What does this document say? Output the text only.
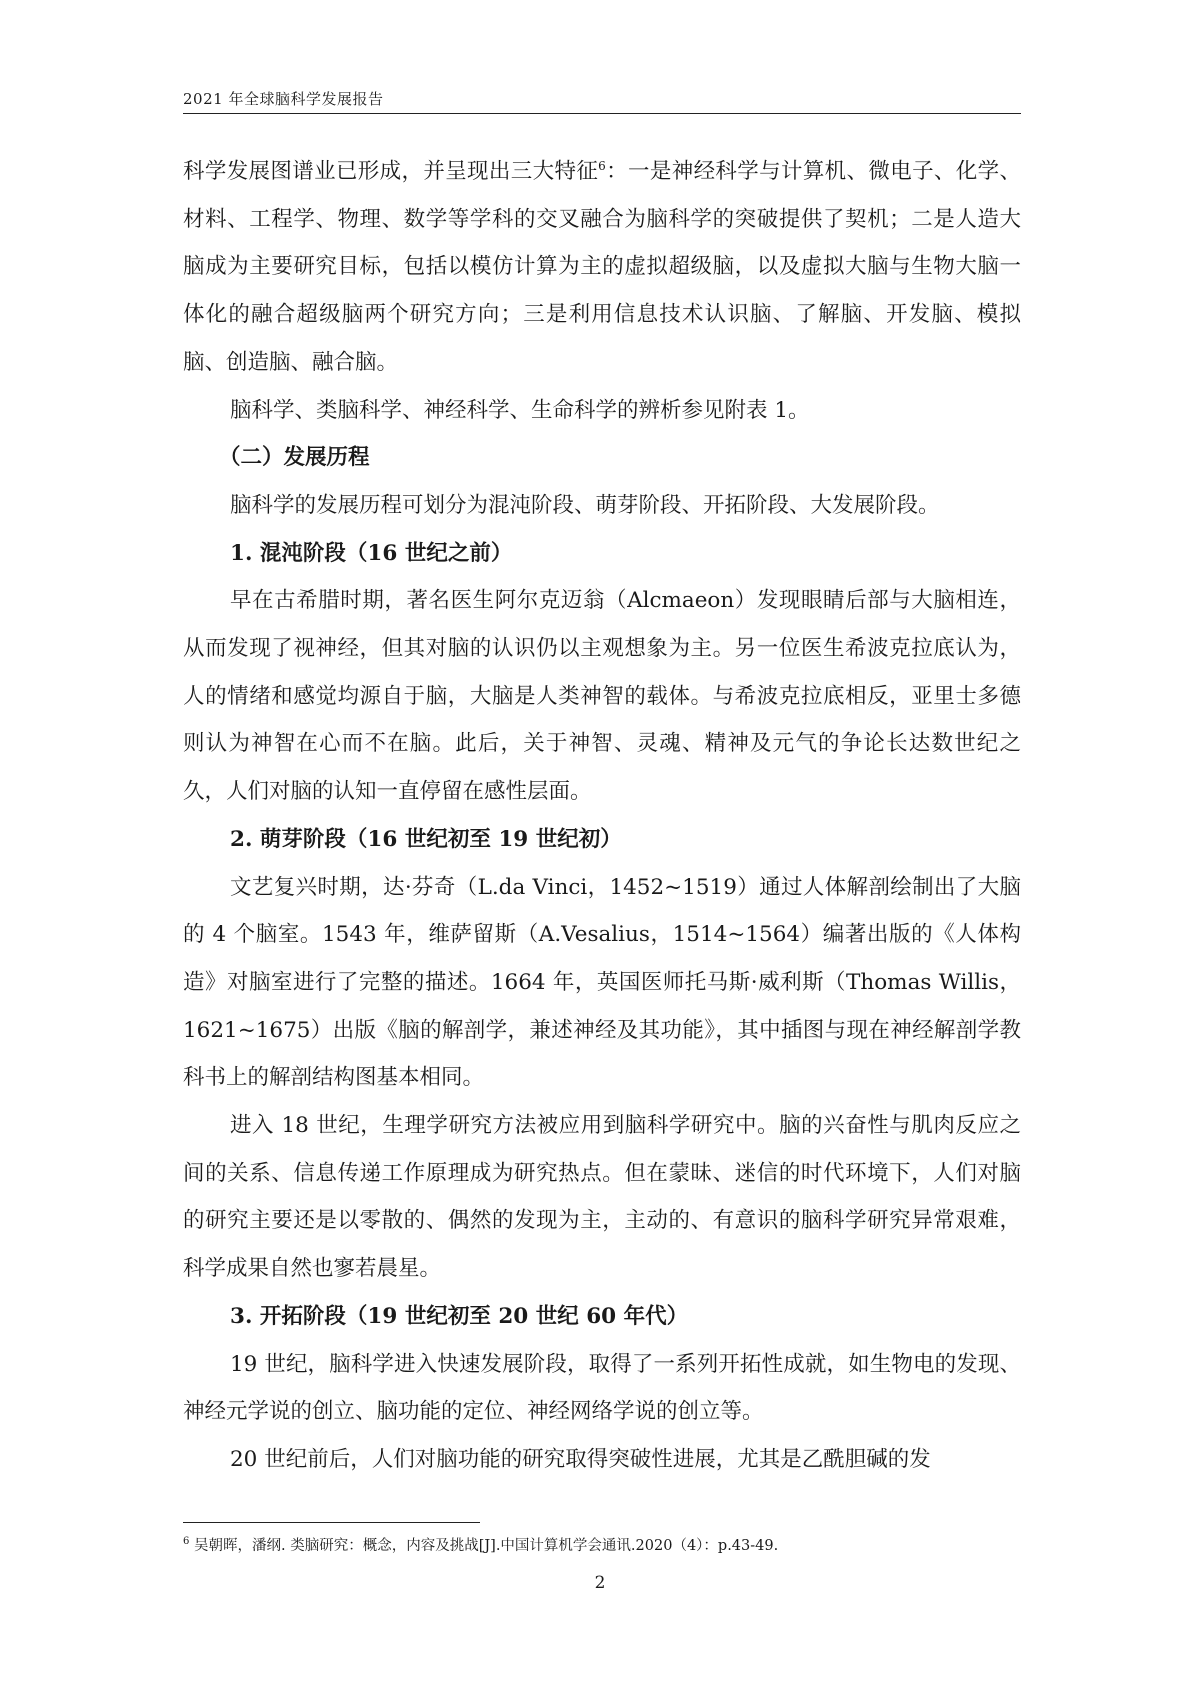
2021 年全球脑科学发展报告

科学发展图谱业已形成，并呈现出三大特征$^6$：一是神经科学与计算机、微电子、化学、材料、工程学、物理、数学等学科的交叉融合为脑科学的突破提供了契机；二是人造大脑成为主要研究目标，包括以模仿计算为主的虚拟超级脑，以及虚拟大脑与生物大脑一体化的融合超级脑两个研究方向；三是利用信息技术认识脑、了解脑、开发脑、模拟脑、创造脑、融合脑。

脑科学、类脑科学、神经科学、生命科学的辨析参见附表 1。

（二）发展历程

脑科学的发展历程可划分为混沌阶段、萌芽阶段、开拓阶段、大发展阶段。

1. 混沌阶段（16 世纪之前）

早在古希腊时期，著名医生阿尔克迈翁（Alcmaeon）发现眼睛后部与大脑相连，从而发现了视神经，但其对脑的认识仍以主观想象为主。另一位医生希波克拉底认为，人的情绪和感觉均源自于脑，大脑是人类神智的载体。与希波克拉底相反，亚里士多德则认为神智在心而不在脑。此后，关于神智、灵魂、精神及元气的争论长达数世纪之久，人们对脑的认知一直停留在感性层面。

2. 萌芽阶段（16 世纪初至 19 世纪初）

文艺复兴时期，达·芬奇（L.da Vinci，1452~1519）通过人体解剖绘制出了大脑的 4 个脑室。1543 年，维萨留斯（A.Vesalius，1514~1564）编著出版的《人体构造》对脑室进行了完整的描述。1664 年，英国医师托马斯·威利斯（Thomas Willis，1621~1675）出版《脑的解剖学，兼述神经及其功能》，其中插图与现在神经解剖学教科书上的解剖结构图基本相同。

进入 18 世纪，生理学研究方法被应用到脑科学研究中。脑的兴奋性与肌肉反应之间的关系、信息传递工作原理成为研究热点。但在蒙昧、迷信的时代环境下，人们对脑的研究主要还是以零散的、偶然的发现为主，主动的、有意识的脑科学研究异常艰难，科学成果自然也寥若晨星。

3. 开拓阶段（19 世纪初至 20 世纪 60 年代）

19 世纪，脑科学进入快速发展阶段，取得了一系列开拓性成就，如生物电的发现、神经元学说的创立、脑功能的定位、神经网络学说的创立等。

20 世纪前后，人们对脑功能的研究取得突破性进展，尤其是乙酰胆碱的发

$^6$ 吴朝晖，潘纲. 类脑研究：概念，内容及挑战[J].中国计算机学会通讯.2020（4）：p.43-49.
2
